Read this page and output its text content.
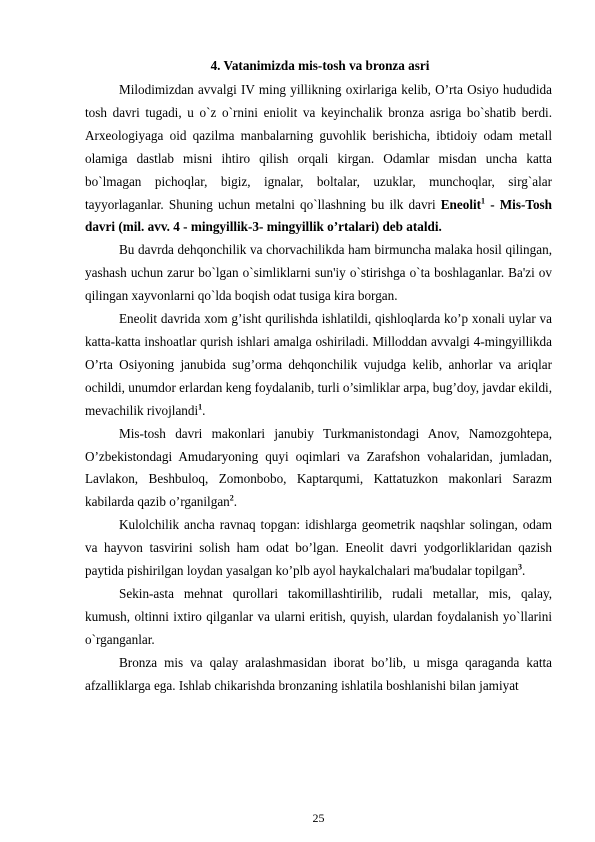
4. Vatanimizda mis-tosh va bronza asri

Milodimizdan avvalgi IV ming yillikning oxirlariga kelib, O’rta Osiyo hududida tosh davri tugadi, u o`z o`rnini eniolit va keyinchalik bronza asriga bo`shatib berdi. Arxeologiyaga oid qazilma manbalarning guvohlik berishicha, ibtidoiy odam metall olamiga dastlab misni ihtiro qilish orqali kirgan. Odamlar misdan uncha katta bo`lmagan pichoqlar, bigiz, ignalar, boltalar, uzuklar, munchoqlar, sirg`alar tayyorlaganlar. Shuning uchun metalni qo`llashning bu ilk davri Eneolit$^1$ - Mis-Tosh davri (mil. avv. 4 - mingyillik-3- mingyillik o’rtalari) deb ataldi.

Bu davrda dehqonchilik va chorvachilikda ham birmuncha malaka hosil qilingan, yashash uchun zarur bo`lgan o`simliklarni sun'iy o`stirishga o`ta boshlaganlar. Ba'zi ov qilingan xayvonlarni qo`lda boqish odat tusiga kira borgan.

Eneolit davrida xom g’isht qurilishda ishlatildi, qishloqlarda ko’p xonali uylar va katta-katta inshoatlar qurish ishlari amalga oshiriladi. Milloddan avvalgi 4-mingyillikda O’rta Osiyoning janubida sug’orma dehqonchilik vujudga kelib, anhorlar va ariqlar ochildi, unumdor erlardan keng foydalanib, turli o’simliklar arpa, bug’doy, javdar ekildi, mevachilik rivojlandi$^1$.

Mis-tosh davri makonlari janubiy Turkmanistondagi Anov, Namozgohtepa, O’zbekistondagi Amudaryoning quyi oqimlari va Zarafshon vohalaridan, jumladan, Lavlakon, Beshbuloq, Zomonbobo, Kaptarqumi, Kattatuzkon makonlari Sarazm kabilarda qazib o’rganilgan$^2$.

Kulolchilik ancha ravnaq topgan: idishlarga geometrik naqshlar solingan, odam va hayvon tasvirini solish ham odat bo’lgan. Eneolit davri yodgorliklaridan qazish paytida pishirilgan loydan yasalgan ko’plb ayol haykalchalari ma'budalar topilgan$^3$.

Sekin-asta mehnat qurollari takomillashtirilib, rudali metallar, mis, qalay, kumush, oltinni ixtiro qilganlar va ularni eritish, quyish, ulardan foydalanish yo`llarini o`rganganlar.

Bronza mis va qalay aralashmasidan iborat bo’lib, u misga qaraganda katta afzalliklarga ega. Ishlab chikarishda bronzaning ishlatila boshlanishi bilan jamiyat

25
